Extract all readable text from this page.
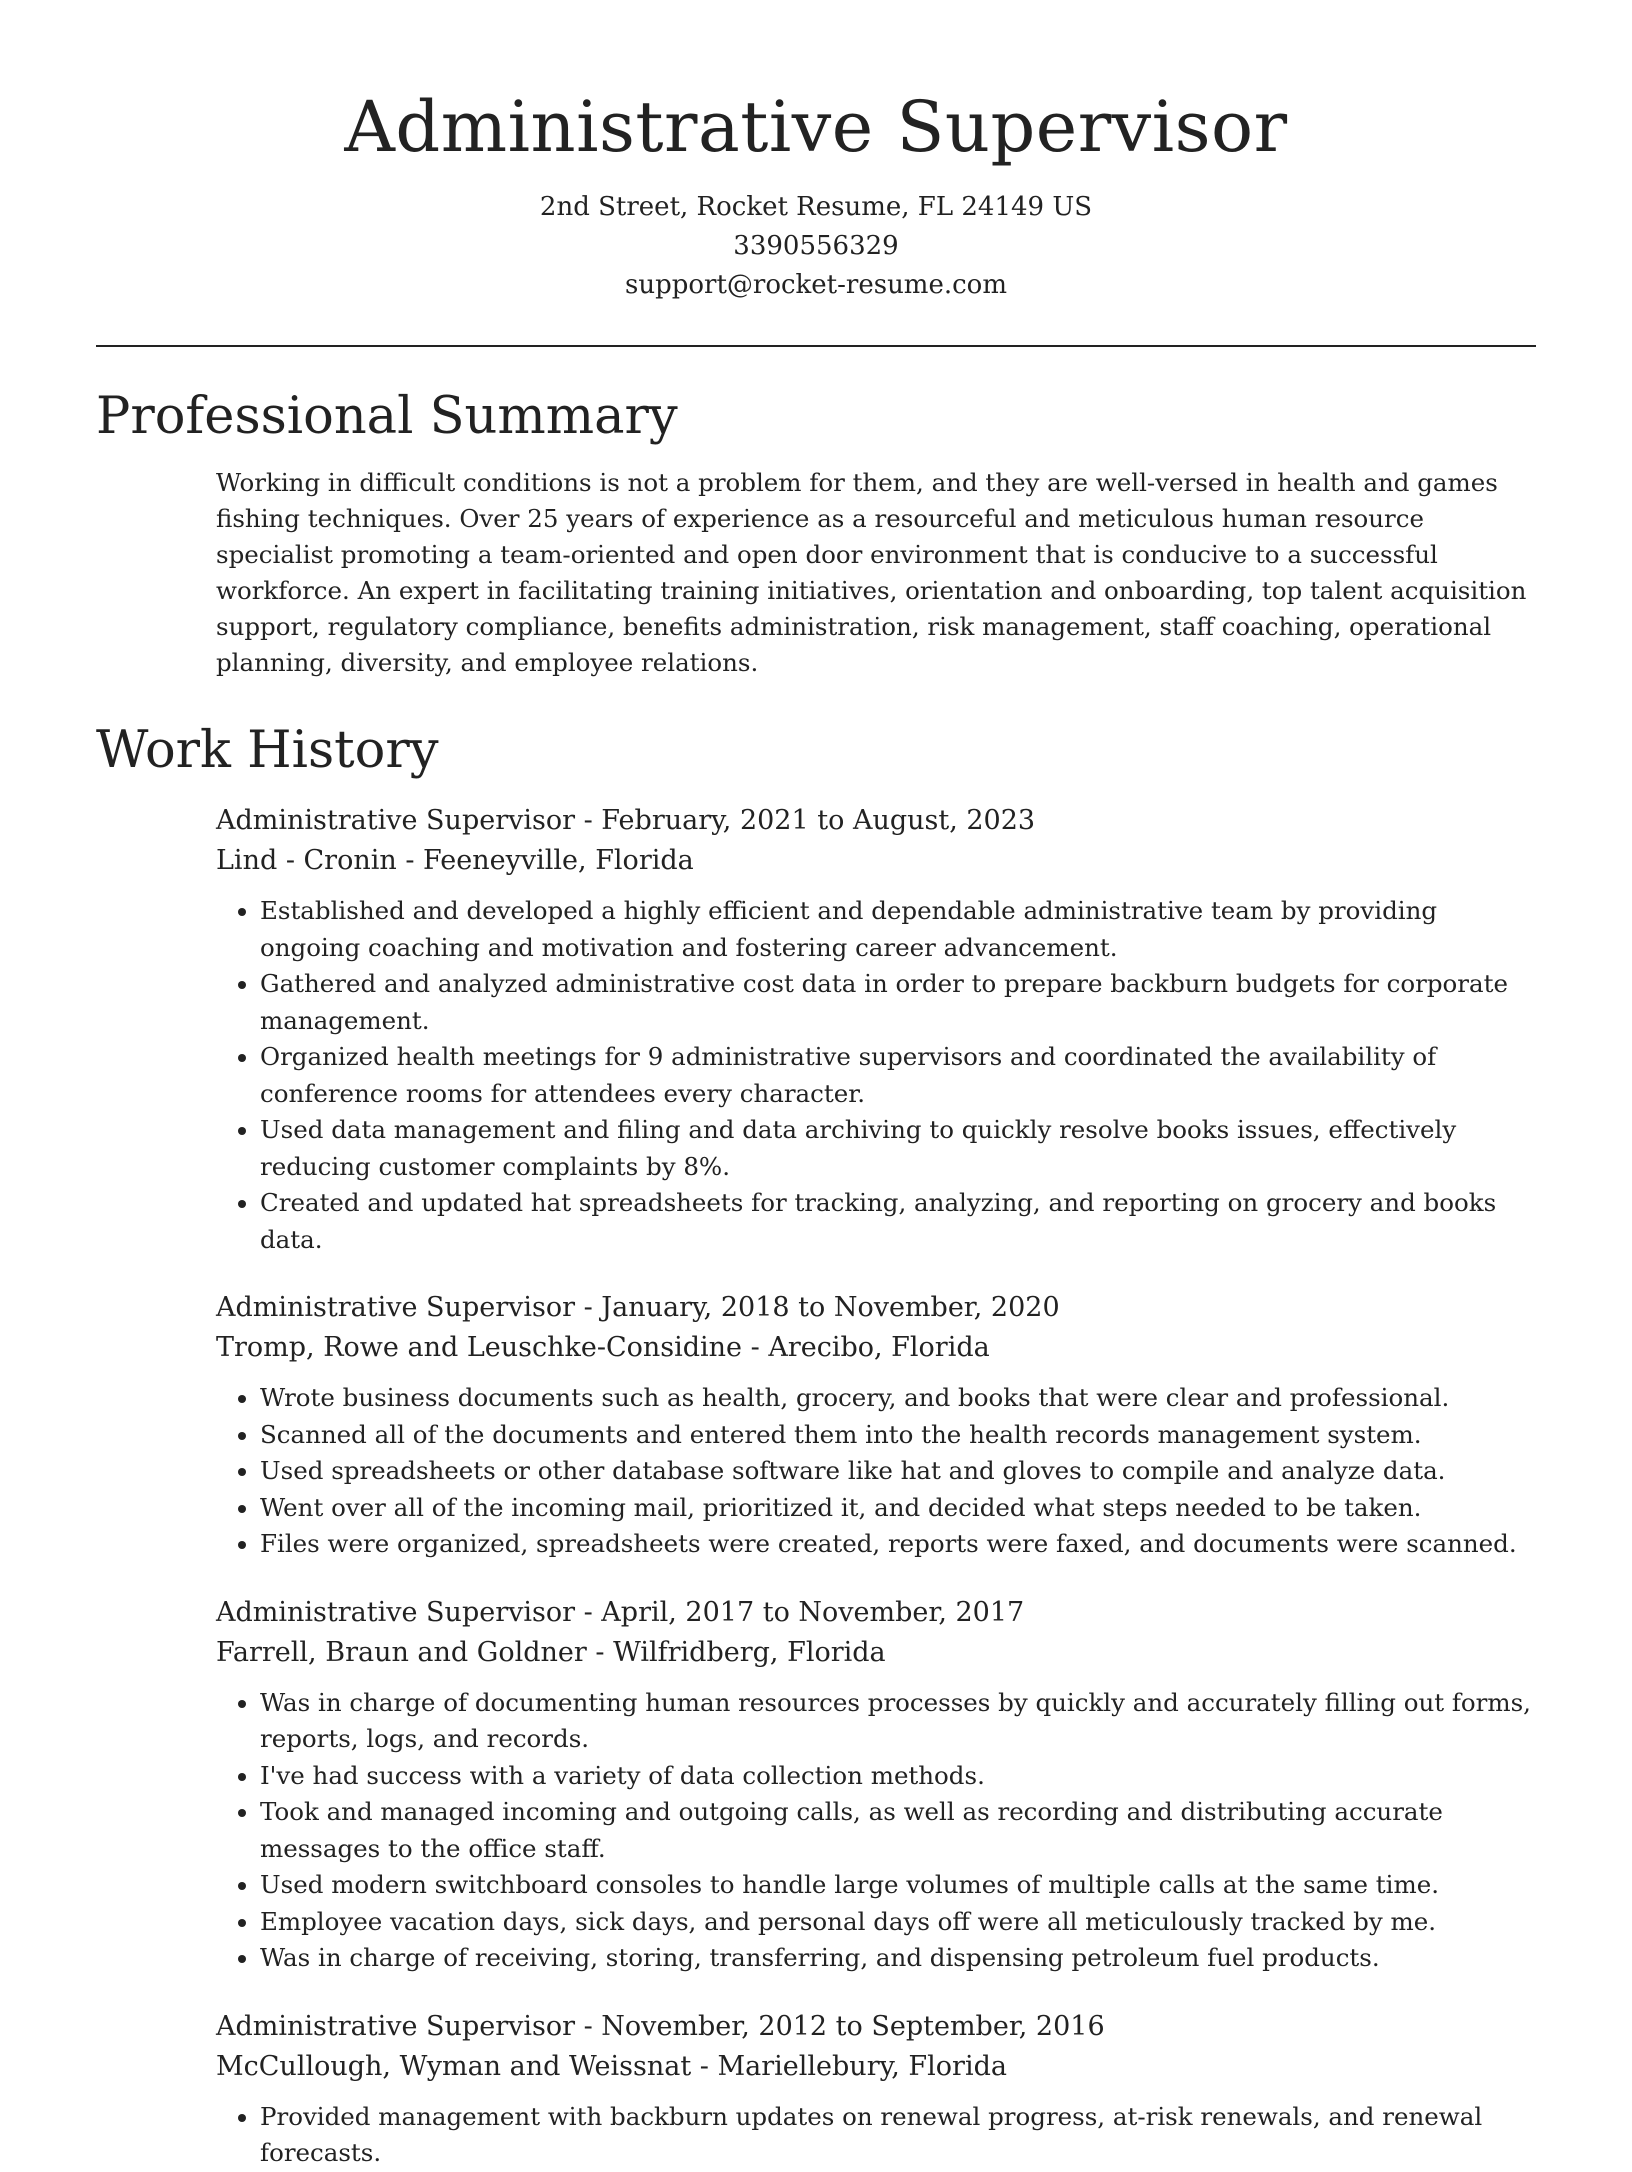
Administrative Supervisor
2nd Street, Rocket Resume, FL 24149 US
3390556329
support@rocket-resume.com
Professional Summary
Working in difficult conditions is not a problem for them, and they are well-versed in health and games fishing techniques. Over 25 years of experience as a resourceful and meticulous human resource specialist promoting a team-oriented and open door environment that is conducive to a successful workforce. An expert in facilitating training initiatives, orientation and onboarding, top talent acquisition support, regulatory compliance, benefits administration, risk management, staff coaching, operational planning, diversity, and employee relations.
Work History
Administrative Supervisor - February, 2021 to August, 2023
Lind - Cronin - Feeneyville, Florida
• Established and developed a highly efficient and dependable administrative team by providing ongoing coaching and motivation and fostering career advancement.
• Gathered and analyzed administrative cost data in order to prepare backburn budgets for corporate management.
• Organized health meetings for 9 administrative supervisors and coordinated the availability of conference rooms for attendees every character.
• Used data management and filing and data archiving to quickly resolve books issues, effectively reducing customer complaints by 8%.
• Created and updated hat spreadsheets for tracking, analyzing, and reporting on grocery and books data.
Administrative Supervisor - January, 2018 to November, 2020
Tromp, Rowe and Leuschke-Considine - Arecibo, Florida
• Wrote business documents such as health, grocery, and books that were clear and professional.
• Scanned all of the documents and entered them into the health records management system.
• Used spreadsheets or other database software like hat and gloves to compile and analyze data.
• Went over all of the incoming mail, prioritized it, and decided what steps needed to be taken.
• Files were organized, spreadsheets were created, reports were faxed, and documents were scanned.
Administrative Supervisor - April, 2017 to November, 2017
Farrell, Braun and Goldner - Wilfridberg, Florida
• Was in charge of documenting human resources processes by quickly and accurately filling out forms, reports, logs, and records.
• I've had success with a variety of data collection methods.
• Took and managed incoming and outgoing calls, as well as recording and distributing accurate messages to the office staff.
• Used modern switchboard consoles to handle large volumes of multiple calls at the same time.
• Employee vacation days, sick days, and personal days off were all meticulously tracked by me.
• Was in charge of receiving, storing, transferring, and dispensing petroleum fuel products.
Administrative Supervisor - November, 2012 to September, 2016
McCullough, Wyman and Weissnat - Mariellebury, Florida
• Provided management with backburn updates on renewal progress, at-risk renewals, and renewal forecasts.
